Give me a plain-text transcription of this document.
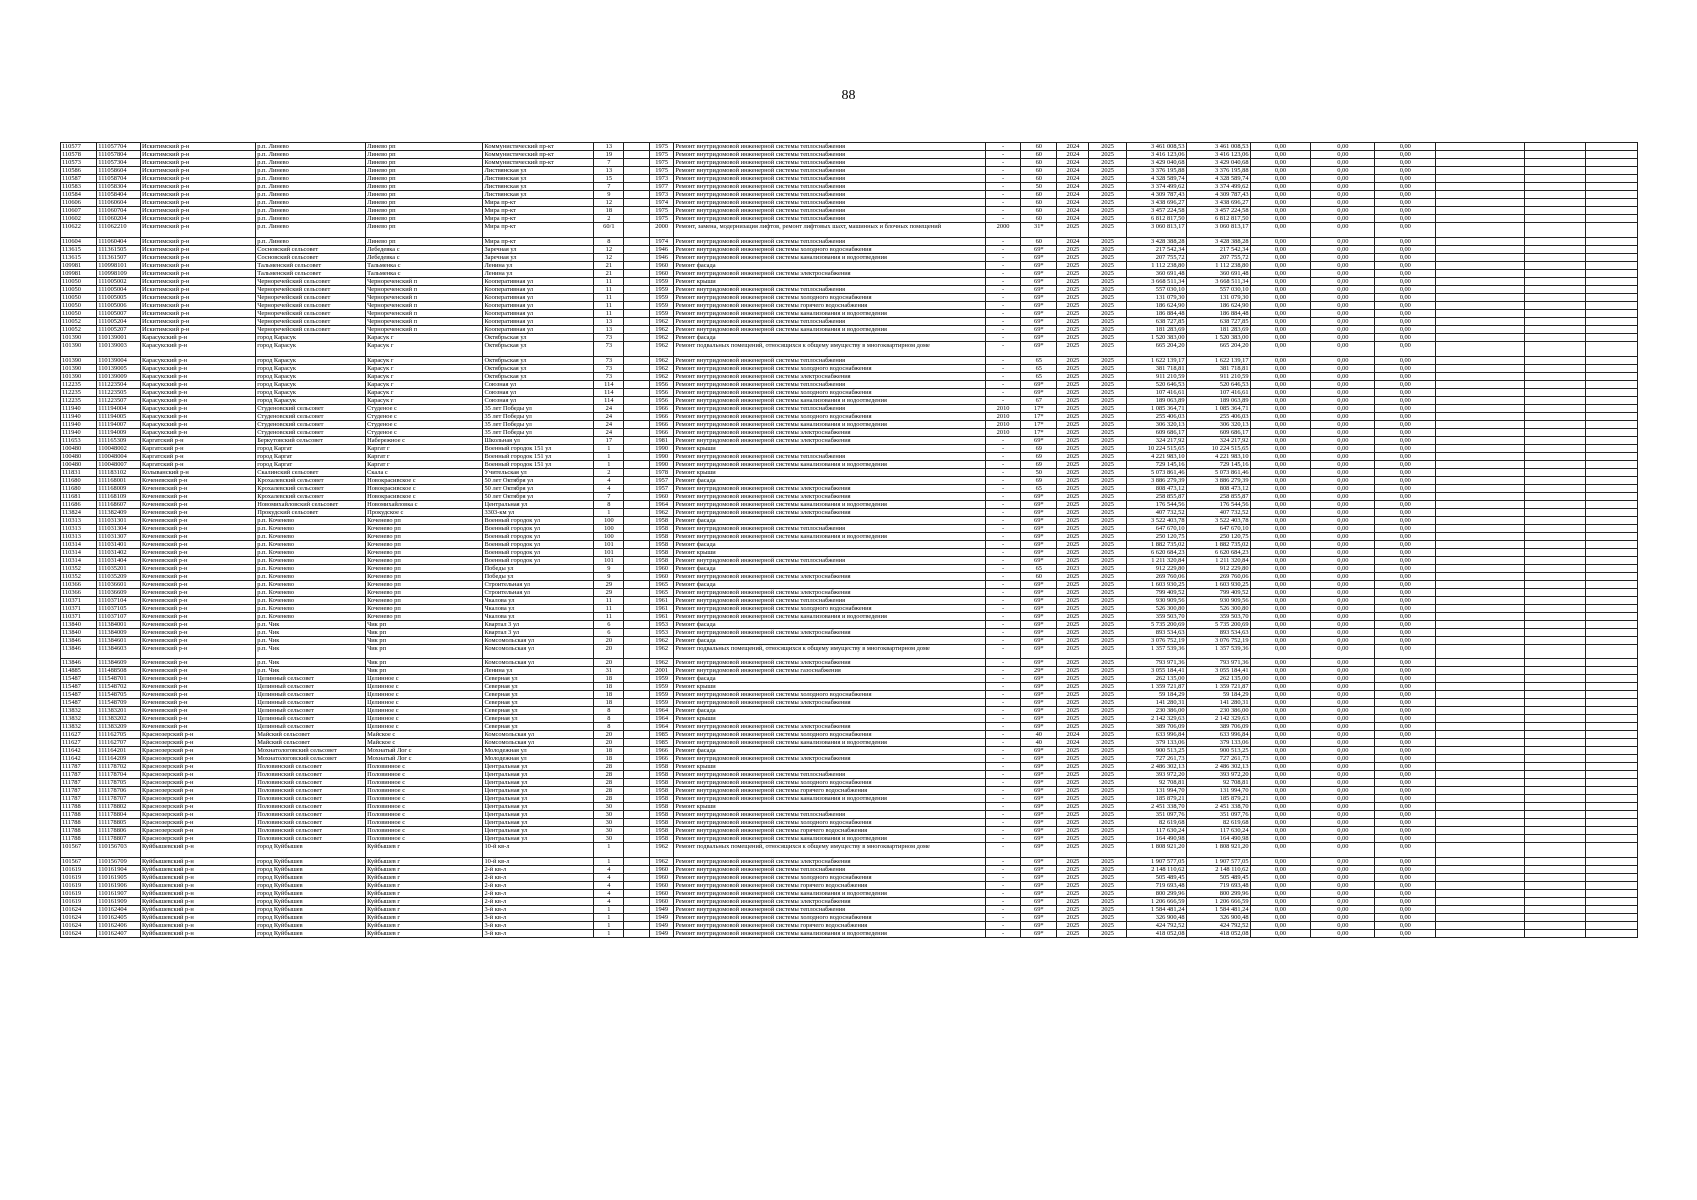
88
110577	111057704	Искитимский р-н	р.п. Линево	Линево рп	Коммунистический пр-кт	13		1975	Ремонт внутридомовой инженерной системы теплоснабжения	-	60	2024	2025	3 461 008,53	3 461 008,53	0,00	0,00	0,00			
110578	111057804	Искитимский р-н	р.п. Линево	Линево рп	Коммунистический пр-кт	19		1975	Ремонт внутридомовой инженерной системы теплоснабжения	-	60	2024	2025	3 416 123,06	3 416 123,06	0,00	0,00	0,00			
110573	111057304	Искитимский р-н	р.п. Линево	Линево рп	Коммунистический пр-кт	7		1975	Ремонт внутридомовой инженерной системы теплоснабжения	-	60	2024	2025	3 429 040,68	3 429 040,68	0,00	0,00	0,00			
110586	111058604	Искитимский р-н	р.п. Линево	Линево рп	Листвянская ул	13		1975	Ремонт внутридомовой инженерной системы теплоснабжения	-	60	2024	2025	3 376 195,88	3 376 195,88	0,00	0,00	0,00			
110587	111058704	Искитимский р-н	р.п. Линево	Линево рп	Листвянская ул	15		1973	Ремонт внутридомовой инженерной системы теплоснабжения	-	60	2024	2025	4 328 589,74	4 328 589,74	0,00	0,00	0,00			
110583	111058304	Искитимский р-н	р.п. Линево	Линево рп	Листвянская ул	7		1977	Ремонт внутридомовой инженерной системы теплоснабжения	-	50	2024	2025	3 374 499,62	3 374 499,62	0,00	0,00	0,00			
110584	111058404	Искитимский р-н	р.п. Линево	Линево рп	Листвянская ул	9		1973	Ремонт внутридомовой инженерной системы теплоснабжения	-	60	2024	2025	4 309 787,43	4 309 787,43	0,00	0,00	0,00			
110606	111060604	Искитимский р-н	р.п. Линево	Линево рп	Мира пр-кт	12		1974	Ремонт внутридомовой инженерной системы теплоснабжения	-	60	2024	2025	3 438 696,27	3 438 696,27	0,00	0,00	0,00			
110607	111060704	Искитимский р-н	р.п. Линево	Линево рп	Мира пр-кт	18		1975	Ремонт внутридомовой инженерной системы теплоснабжения	-	60	2024	2025	3 457 224,58	3 457 224,58	0,00	0,00	0,00			
110602	111060204	Искитимский р-н	р.п. Линево	Линево рп	Мира пр-кт	2		1975	Ремонт внутридомовой инженерной системы теплоснабжения	-	60	2024	2025	6 812 817,50	6 812 817,50	0,00	0,00	0,00			
110622	111062210	Искитимский р-н	р.п. Линево	Линево рп	Мира пр-кт	60/1		2000	Ремонт, замена, модернизация лифтов, ремонт лифтовых шахт, машинных и блочных помещений	2000	31*	2025	2025	3 060 813,17	3 060 813,17	0,00	0,00	0,00			
110604	111060404	Искитимский р-н	р.п. Линево	Линево рп	Мира пр-кт	8		1974	Ремонт внутридомовой инженерной системы теплоснабжения	-	60	2024	2025	3 428 388,28	3 428 388,28	0,00	0,00	0,00			
113615	111361505	Искитимский р-н	Сосновский сельсовет	Лебедевка с	Заречная ул	12		1946	Ремонт внутридомовой инженерной системы холодного водоснабжения	-	69*	2025	2025	217 542,34	217 542,34	0,00	0,00	0,00			
113615	111361507	Искитимский р-н	Сосновский сельсовет	Лебедевка с	Заречная ул	12		1946	Ремонт внутридомовой инженерной системы канализования и водоотведения	-	69*	2025	2025	207 755,72	207 755,72	0,00	0,00	0,00			
109981	110998101	Искитимский р-н	Тальменский сельсовет	Тальменка с	Ленина ул	21		1960	Ремонт фасада	-	69*	2025	2025	1 112 238,80	1 112 238,80	0,00	0,00	0,00			
109981	110998109	Искитимский р-н	Тальменский сельсовет	Тальменка с	Ленина ул	21		1960	Ремонт внутридомовой инженерной системы электроснабжения	-	69*	2025	2025	360 691,48	360 691,48	0,00	0,00	0,00			
110050	111005002	Искитимский р-н	Черноречейский сельсовет	Чернореченский п	Кооперативная ул	11		1959	Ремонт крыши	-	69*	2025	2025	3 668 511,34	3 668 511,34	0,00	0,00	0,00			
110050	111005004	Искитимский р-н	Черноречейский сельсовет	Чернореченский п	Кооперативная ул	11		1959	Ремонт внутридомовой инженерной системы теплоснабжения	-	69*	2025	2025	557 030,10	557 030,10	0,00	0,00	0,00			
110050	111005005	Искитимский р-н	Черноречейский сельсовет	Чернореченский п	Кооперативная ул	11		1959	Ремонт внутридомовой инженерной системы холодного водоснабжения	-	69*	2025	2025	131 079,30	131 079,30	0,00	0,00	0,00			
110050	111005006	Искитимский р-н	Черноречейский сельсовет	Чернореченский п	Кооперативная ул	11		1959	Ремонт внутридомовой инженерной системы горячего водоснабжения	-	69*	2025	2025	186 624,90	186 624,90	0,00	0,00	0,00			
110050	111005007	Искитимский р-н	Черноречейский сельсовет	Чернореченский п	Кооперативная ул	11		1959	Ремонт внутридомовой инженерной системы канализования и водоотведения	-	69*	2025	2025	186 884,48	186 884,48	0,00	0,00	0,00			
110052	111005204	Искитимский р-н	Черноречейский сельсовет	Чернореченский п	Кооперативная ул	13		1962	Ремонт внутридомовой инженерной системы теплоснабжения	-	69*	2025	2025	638 727,85	638 727,85	0,00	0,00	0,00			
110052	111005207	Искитимский р-н	Черноречейский сельсовет	Чернореченский п	Кооперативная ул	13		1962	Ремонт внутридомовой инженерной системы канализования и водоотведения	-	69*	2025	2025	181 283,69	181 283,69	0,00	0,00	0,00			
101390	110139001	Карасукский р-н	город Карасук	Карасук г	Октябрьская ул	73		1962	Ремонт фасада	-	69*	2025	2025	1 520 383,00	1 520 383,00	0,00	0,00	0,00			
101390	110139003	Карасукский р-н	город Карасук	Карасук г	Октябрьская ул	73		1962	Ремонт подвальных помещений, относящихся к общему имуществу в многоквартирном доме	-	69*	2025	2025	665 204,20	665 204,20	0,00	0,00	0,00			
101390	110139004	Карасукский р-н	город Карасук	Карасук г	Октябрьская ул	73		1962	Ремонт внутридомовой инженерной системы теплоснабжения	-	65	2025	2025	1 622 139,17	1 622 139,17	0,00	0,00	0,00			
101390	110139005	Карасукский р-н	город Карасук	Карасук г	Октябрьская ул	73		1962	Ремонт внутридомовой инженерной системы холодного водоснабжения	-	65	2025	2025	381 718,81	381 718,81	0,00	0,00	0,00			
101390	110139009	Карасукский р-н	город Карасук	Карасук г	Октябрьская ул	73		1962	Ремонт внутридомовой инженерной системы электроснабжения	-	65	2025	2025	911 210,59	911 210,59	0,00	0,00	0,00			
112235	111223504	Карасукский р-н	город Карасук	Карасук г	Союзная ул	114		1956	Ремонт внутридомовой инженерной системы теплоснабжения	-	69*	2025	2025	520 646,53	520 646,53	0,00	0,00	0,00			
112235	111223505	Карасукский р-н	город Карасук	Карасук г	Союзная ул	114		1956	Ремонт внутридомовой инженерной системы холодного водоснабжения	-	69*	2025	2025	107 416,61	107 416,61	0,00	0,00	0,00			
112235	111223507	Карасукский р-н	город Карасук	Карасук г	Союзная ул	114		1956	Ремонт внутридомовой инженерной системы канализования и водоотведения	-	67	2025	2025	189 063,89	189 063,89	0,00	0,00	0,00			
111940	111194004	Карасукский р-н	Студеновский сельсовет	Студеное с	35 лет Победы ул	24		1966	Ремонт внутридомовой инженерной системы теплоснабжения	2010	17*	2025	2025	1 085 364,71	1 085 364,71	0,00	0,00	0,00			
111940	111194005	Карасукский р-н	Студеновский сельсовет	Студеное с	35 лет Победы ул	24		1966	Ремонт внутридомовой инженерной системы холодного водоснабжения	2010	17*	2025	2025	255 406,03	255 406,03	0,00	0,00	0,00			
111940	111194007	Карасукский р-н	Студеновский сельсовет	Студеное с	35 лет Победы ул	24		1966	Ремонт внутридомовой инженерной системы канализования и водоотведения	2010	17*	2025	2025	306 320,13	306 320,13	0,00	0,00	0,00			
111940	111194009	Карасукский р-н	Студеновский сельсовет	Студеное с	35 лет Победы ул	24		1966	Ремонт внутридомовой инженерной системы электроснабжения	2010	17*	2025	2025	609 686,17	609 686,17	0,00	0,00	0,00			
111653	111165309	Каргатский р-н	Беркутовский сельсовет	Набережное с	Школьная ул	17		1981	Ремонт внутридомовой инженерной системы электроснабжения	-	69*	2025	2025	324 217,92	324 217,92	0,00	0,00	0,00			
100480	110048002	Каргатский р-н	город Каргат	Каргат г	Военный городок 151 ул	1		1990	Ремонт крыши	-	69	2025	2025	10 224 515,65	10 224 515,65	0,00	0,00	0,00			
100480	110048004	Каргатский р-н	город Каргат	Каргат г	Военный городок 151 ул	1		1990	Ремонт внутридомовой инженерной системы теплоснабжения	-	69	2025	2025	4 221 983,10	4 221 983,10	0,00	0,00	0,00			
100480	110048007	Каргатский р-н	город Каргат	Каргат г	Военный городок 151 ул	1		1990	Ремонт внутридомовой инженерной системы канализования и водоотведения	-	69	2025	2025	729 145,16	729 145,16	0,00	0,00	0,00			
111831	111183102	Колыванский р-н	Скалинский сельсовет	Скала с	Учительская ул	2		1978	Ремонт крыши	-	50	2025	2025	5 073 861,46	5 073 861,46	0,00	0,00	0,00			
111680	111168001	Коченевский р-н	Крохалевский сельсовет	Новокрасивское с	50 лет Октября ул	4		1957	Ремонт фасада	-	69	2025	2025	3 886 279,39	3 886 279,39	0,00	0,00	0,00			
111680	111168009	Коченевский р-н	Крохалевский сельсовет	Новокрасивское с	50 лет Октября ул	4		1957	Ремонт внутридомовой инженерной системы электроснабжения	-	65	2025	2025	808 473,12	808 473,12	0,00	0,00	0,00			
111681	111168109	Коченевский р-н	Крохалевский сельсовет	Новокрасивское с	50 лет Октября ул	7		1960	Ремонт внутридомовой инженерной системы электроснабжения	-	69*	2025	2025	258 855,87	258 855,87	0,00	0,00	0,00			
111686	111168607	Коченевский р-н	Новомихайловский сельсовет	Новомихайловка с	Центральная ул	8		1964	Ремонт внутридомовой инженерной системы канализования и водоотведения	-	69*	2025	2025	176 544,56	176 544,56	0,00	0,00	0,00			
113824	111382409	Коченевский р-н	Прокудский сельсовет	Прокудское с	3303-км ул	1		1962	Ремонт внутридомовой инженерной системы электроснабжения	-	69*	2025	2025	407 732,52	407 732,52	0,00	0,00	0,00			
110313	111031301	Коченевский р-н	р.п. Коченево	Коченево рп	Военный городок ул	100		1958	Ремонт фасада	-	69*	2025	2025	3 522 403,78	3 522 403,78	0,00	0,00	0,00			
110313	111031304	Коченевский р-н	р.п. Коченево	Коченево рп	Военный городок ул	100		1958	Ремонт внутридомовой инженерной системы теплоснабжения	-	69*	2025	2025	647 670,10	647 670,10	0,00	0,00	0,00			
110313	111031307	Коченевский р-н	р.п. Коченево	Коченево рп	Военный городок ул	100		1958	Ремонт внутридомовой инженерной системы канализования и водоотведения	-	69*	2025	2025	250 120,75	250 120,75	0,00	0,00	0,00			
110314	111031401	Коченевский р-н	р.п. Коченево	Коченево рп	Военный городок ул	101		1958	Ремонт фасада	-	69*	2025	2025	1 882 735,02	1 882 735,02	0,00	0,00	0,00			
110314	111031402	Коченевский р-н	р.п. Коченево	Коченево рп	Военный городок ул	101		1958	Ремонт крыши	-	69*	2025	2025	6 620 684,23	6 620 684,23	0,00	0,00	0,00			
110314	111031404	Коченевский р-н	р.п. Коченево	Коченево рп	Военный городок ул	101		1958	Ремонт внутридомовой инженерной системы теплоснабжения	-	69*	2025	2025	1 211 320,84	1 211 320,84	0,00	0,00	0,00			
110352	111035201	Коченевский р-н	р.п. Коченево	Коченево рп	Победы ул	9		1960	Ремонт фасада	-	65	2023	2025	912 229,80	912 229,80	0,00	0,00	0,00			
110352	111035209	Коченевский р-н	р.п. Коченево	Коченево рп	Победы ул	9		1960	Ремонт внутридомовой инженерной системы электроснабжения	-	60	2025	2025	269 760,06	269 760,06	0,00	0,00	0,00			
110366	111036601	Коченевский р-н	р.п. Коченево	Коченево рп	Строительная ул	29		1965	Ремонт фасада	-	69*	2025	2025	1 603 930,25	1 603 930,25	0,00	0,00	0,00			
110366	111036609	Коченевский р-н	р.п. Коченево	Коченево рп	Строительная ул	29		1965	Ремонт внутридомовой инженерной системы электроснабжения	-	69*	2025	2025	799 409,52	799 409,52	0,00	0,00	0,00			
110371	111037104	Коченевский р-н	р.п. Коченево	Коченево рп	Чкалова ул	11		1961	Ремонт внутридомовой инженерной системы теплоснабжения	-	69*	2025	2025	930 909,56	930 909,56	0,00	0,00	0,00			
110371	111037105	Коченевский р-н	р.п. Коченево	Коченево рп	Чкалова ул	11		1961	Ремонт внутридомовой инженерной системы холодного водоснабжения	-	69*	2025	2025	526 300,80	526 300,80	0,00	0,00	0,00			
110371	111037107	Коченевский р-н	р.п. Коченево	Коченево рп	Чкалова ул	11		1961	Ремонт внутридомовой инженерной системы канализования и водоотведения	-	69*	2025	2025	359 503,70	359 503,70	0,00	0,00	0,00			
113840	111384001	Коченевский р-н	р.п. Чик	Чик рп	Квартал 3 ул	6		1953	Ремонт фасада	-	69*	2025	2025	5 735 200,69	5 735 200,69	0,00	0,00	0,00			
113840	111384009	Коченевский р-н	р.п. Чик	Чик рп	Квартал 3 ул	6		1953	Ремонт внутридомовой инженерной системы электроснабжения	-	69*	2025	2025	893 534,63	893 534,63	0,00	0,00	0,00			
113846	111384601	Коченевский р-н	р.п. Чик	Чик рп	Комсомольская ул	20		1962	Ремонт фасада	-	69*	2025	2025	3 076 752,19	3 076 752,19	0,00	0,00	0,00			
113846	111384603	Коченевский р-н	р.п. Чик	Чик рп	Комсомольская ул	20		1962	Ремонт подвальных помещений, относящихся к общему имуществу в многоквартирном доме	-	69*	2025	2025	1 357 539,36	1 357 539,36	0,00	0,00	0,00			
113846	111384609	Коченевский р-н	р.п. Чик	Чик рп	Комсомольская ул	20		1962	Ремонт внутридомовой инженерной системы электроснабжения	-	69*	2025	2025	793 971,36	793 971,36	0,00	0,00	0,00			
114885	111488508	Коченевский р-н	р.п. Чик	Чик рп	Ленина ул	31		2001	Ремонт внутридомовой инженерной системы газоснабжения	-	29*	2025	2025	3 055 184,41	3 055 184,41	0,00	0,00	0,00			
115487	111548701	Коченевский р-н	Целинный сельсовет	Целинное с	Северная ул	18		1959	Ремонт фасада	-	69*	2025	2025	262 135,00	262 135,00	0,00	0,00	0,00			
115487	111548702	Коченевский р-н	Целинный сельсовет	Целинное с	Северная ул	18		1959	Ремонт крыши	-	69*	2025	2025	1 359 721,87	1 359 721,87	0,00	0,00	0,00			
115487	111548705	Коченевский р-н	Целинный сельсовет	Целинное с	Северная ул	18		1959	Ремонт внутридомовой инженерной системы холодного водоснабжения	-	69*	2025	2025	59 184,29	59 184,29	0,00	0,00	0,00			
115487	111548709	Коченевский р-н	Целинный сельсовет	Целинное с	Северная ул	18		1959	Ремонт внутридомовой инженерной системы электроснабжения	-	69*	2025	2025	141 280,31	141 280,31	0,00	0,00	0,00			
113832	111383201	Коченевский р-н	Целинный сельсовет	Целинное с	Северная ул	8		1964	Ремонт фасада	-	69*	2025	2025	230 386,00	230 386,00	0,00	0,00	0,00			
113832	111383202	Коченевский р-н	Целинный сельсовет	Целинное с	Северная ул	8		1964	Ремонт крыши	-	69*	2025	2025	2 142 329,63	2 142 329,63	0,00	0,00	0,00			
113832	111383209	Коченевский р-н	Целинный сельсовет	Целинное с	Северная ул	8		1964	Ремонт внутридомовой инженерной системы электроснабжения	-	69*	2025	2025	389 706,09	389 706,09	0,00	0,00	0,00			
111627	111162705	Краснозерский р-н	Майский сельсовет	Майское с	Комсомольская ул	20		1985	Ремонт внутридомовой инженерной системы холодного водоснабжения	-	40	2024	2025	633 996,84	633 996,84	0,00	0,00	0,00			
111627	111162707	Краснозерский р-н	Майский сельсовет	Майское с	Комсомольская ул	20		1985	Ремонт внутридомовой инженерной системы канализования и водоотведения	-	40	2024	2025	379 133,06	379 133,06	0,00	0,00	0,00			
111642	111164201	Краснозерский р-н	Мохнатологовский сельсовет	Мохнатый Лог с	Молодежная ул	18		1966	Ремонт фасада	-	69*	2025	2025	900 513,25	900 513,25	0,00	0,00	0,00			
111642	111164209	Краснозерский р-н	Мохнатологовский сельсовет	Мохнатый Лог с	Молодежная ул	18		1966	Ремонт внутридомовой инженерной системы электроснабжения	-	69*	2025	2025	727 261,73	727 261,73	0,00	0,00	0,00			
111787	111178702	Краснозерский р-н	Половинский сельсовет	Половинное с	Центральная ул	28		1958	Ремонт крыши	-	69*	2025	2025	2 486 302,13	2 486 302,13	0,00	0,00	0,00			
111787	111178704	Краснозерский р-н	Половинский сельсовет	Половинное с	Центральная ул	28		1958	Ремонт внутридомовой инженерной системы теплоснабжения	-	69*	2025	2025	393 972,20	393 972,20	0,00	0,00	0,00			
111787	111178705	Краснозерский р-н	Половинский сельсовет	Половинное с	Центральная ул	28		1958	Ремонт внутридомовой инженерной системы холодного водоснабжения	-	69*	2025	2025	92 708,81	92 708,81	0,00	0,00	0,00			
111787	111178706	Краснозерский р-н	Половинский сельсовет	Половинное с	Центральная ул	28		1958	Ремонт внутридомовой инженерной системы горячего водоснабжения	-	69*	2025	2025	131 994,70	131 994,70	0,00	0,00	0,00			
111787	111178707	Краснозерский р-н	Половинский сельсовет	Половинное с	Центральная ул	28		1958	Ремонт внутридомовой инженерной системы канализования и водоотведения	-	69*	2025	2025	185 879,21	185 879,21	0,00	0,00	0,00			
111788	111178802	Краснозерский р-н	Половинский сельсовет	Половинное с	Центральная ул	30		1958	Ремонт крыши	-	69*	2025	2025	2 451 338,70	2 451 338,70	0,00	0,00	0,00			
111788	111178804	Краснозерский р-н	Половинский сельсовет	Половинное с	Центральная ул	30		1958	Ремонт внутридомовой инженерной системы теплоснабжения	-	69*	2025	2025	351 097,76	351 097,76	0,00	0,00	0,00			
111788	111178805	Краснозерский р-н	Половинский сельсовет	Половинное с	Центральная ул	30		1958	Ремонт внутридомовой инженерной системы холодного водоснабжения	-	69*	2025	2025	82 619,68	82 619,68	0,00	0,00	0,00			
111788	111178806	Краснозерский р-н	Половинский сельсовет	Половинное с	Центральная ул	30		1958	Ремонт внутридомовой инженерной системы горячего водоснабжения	-	69*	2025	2025	117 630,24	117 630,24	0,00	0,00	0,00			
111788	111178807	Краснозерский р-н	Половинский сельсовет	Половинное с	Центральная ул	30		1958	Ремонт внутридомовой инженерной системы канализования и водоотведения	-	69*	2025	2025	164 490,98	164 490,98	0,00	0,00	0,00			
101567	110156703	Куйбышевский р-н	город Куйбышев	Куйбышев г	10-й кв-л	1		1962	Ремонт подвальных помещений, относящихся к общему имуществу в многоквартирном доме	-	69*	2025	2025	1 808 921,20	1 808 921,20	0,00	0,00	0,00			
101567	110156709	Куйбышевский р-н	город Куйбышев	Куйбышев г	10-й кв-л	1		1962	Ремонт внутридомовой инженерной системы электроснабжения	-	69*	2025	2025	1 907 577,05	1 907 577,05	0,00	0,00	0,00			
101619	110161904	Куйбышевский р-н	город Куйбышев	Куйбышев г	2-й кв-л	4		1960	Ремонт внутридомовой инженерной системы теплоснабжения	-	69*	2025	2025	2 148 110,62	2 148 110,62	0,00	0,00	0,00			
101619	110161905	Куйбышевский р-н	город Куйбышев	Куйбышев г	2-й кв-л	4		1960	Ремонт внутридомовой инженерной системы холодного водоснабжения	-	69*	2025	2025	505 489,45	505 489,45	0,00	0,00	0,00			
101619	110161906	Куйбышевский р-н	город Куйбышев	Куйбышев г	2-й кв-л	4		1960	Ремонт внутридомовой инженерной системы горячего водоснабжения	-	69*	2025	2025	719 693,48	719 693,48	0,00	0,00	0,00			
101619	110161907	Куйбышевский р-н	город Куйбышев	Куйбышев г	2-й кв-л	4		1960	Ремонт внутридомовой инженерной системы канализования и водоотведения	-	69*	2025	2025	800 299,96	800 299,96	0,00	0,00	0,00			
101619	110161909	Куйбышевский р-н	город Куйбышев	Куйбышев г	2-й кв-л	4		1960	Ремонт внутридомовой инженерной системы электроснабжения	-	69*	2025	2025	1 206 666,59	1 206 666,59	0,00	0,00	0,00			
101624	110162404	Куйбышевский р-н	город Куйбышев	Куйбышев г	3-й кв-л	1		1949	Ремонт внутридомовой инженерной системы теплоснабжения	-	69*	2025	2025	1 584 481,24	1 584 481,24	0,00	0,00	0,00			
101624	110162405	Куйбышевский р-н	город Куйбышев	Куйбышев г	3-й кв-л	1		1949	Ремонт внутридомовой инженерной системы холодного водоснабжения	-	69*	2025	2025	326 900,48	326 900,48	0,00	0,00	0,00			
101624	110162406	Куйбышевский р-н	город Куйбышев	Куйбышев г	3-й кв-л	1		1949	Ремонт внутридомовой инженерной системы горячего водоснабжения	-	69*	2025	2025	424 792,52	424 792,52	0,00	0,00	0,00			
101624	110162407	Куйбышевский р-н	город Куйбышев	Куйбышев г	3-й кв-л	1		1949	Ремонт внутридомовой инженерной системы канализования и водоотведения	-	69*	2025	2025	418 052,08	418 052,08	0,00	0,00	0,00			
